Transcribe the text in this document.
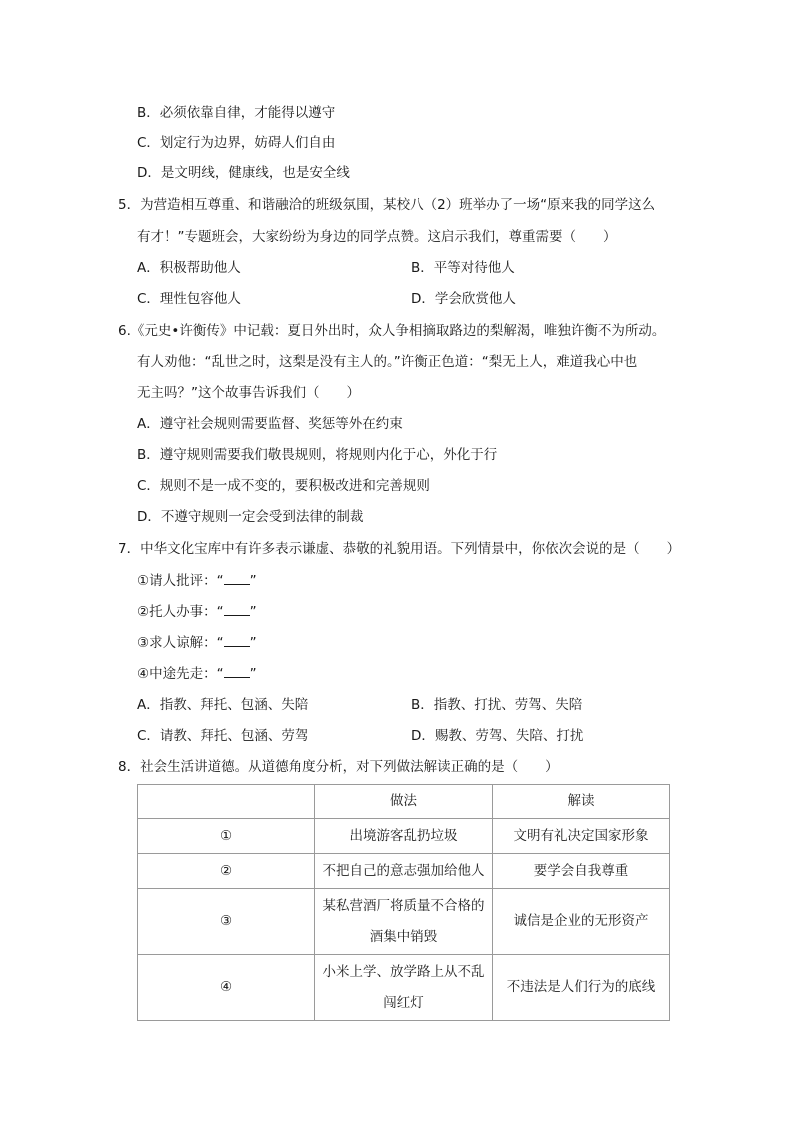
B．必须依靠自律，才能得以遵守
C．划定行为边界，妨碍人们自由
D．是文明线，健康线，也是安全线
5．为营造相互尊重、和谐融洽的班级氛围，某校八（2）班举办了一场“原来我的同学这么
有才！”专题班会，大家纷纷为身边的同学点赞。这启示我们，尊重需要（　　）
A．积极帮助他人	B．平等对待他人
C．理性包容他人	D．学会欣赏他人
6.《元史•许衡传》中记载：夏日外出时，众人争相摘取路边的梨解渴，唯独许衡不为所动。
有人劝他：“乱世之时，这梨是没有主人的。”许衡正色道：“梨无上人，难道我心中也
无主吗？”这个故事告诉我们（　　）
A．遵守社会规则需要监督、奖惩等外在约束
B．遵守规则需要我们敬畏规则，将规则内化于心，外化于行
C．规则不是一成不变的，要积极改进和完善规则
D．不遵守规则一定会受到法律的制裁
7．中华文化宝库中有许多表示谦虚、恭敬的礼貌用语。下列情景中，你依次会说的是（　　）
①请人批评：“ ”
②托人办事：“ ”
③求人谅解：“ ”
④中途先走：“ ”
A．指教、拜托、包涵、失陪	B．指教、打扰、劳驾、失陪
C．请教、拜托、包涵、劳驾	D．赐教、劳驾、失陪、打扰
8．社会生活讲道德。从道德角度分析，对下列做法解读正确的是（　　）
	做法	解读
①	出境游客乱扔垃圾	文明有礼决定国家形象
②	不把自己的意志强加给他人	要学会自我尊重
③	某私营酒厂将质量不合格的
酒集中销毁	诚信是企业的无形资产
④	小米上学、放学路上从不乱
闯红灯	不违法是人们行为的底线
